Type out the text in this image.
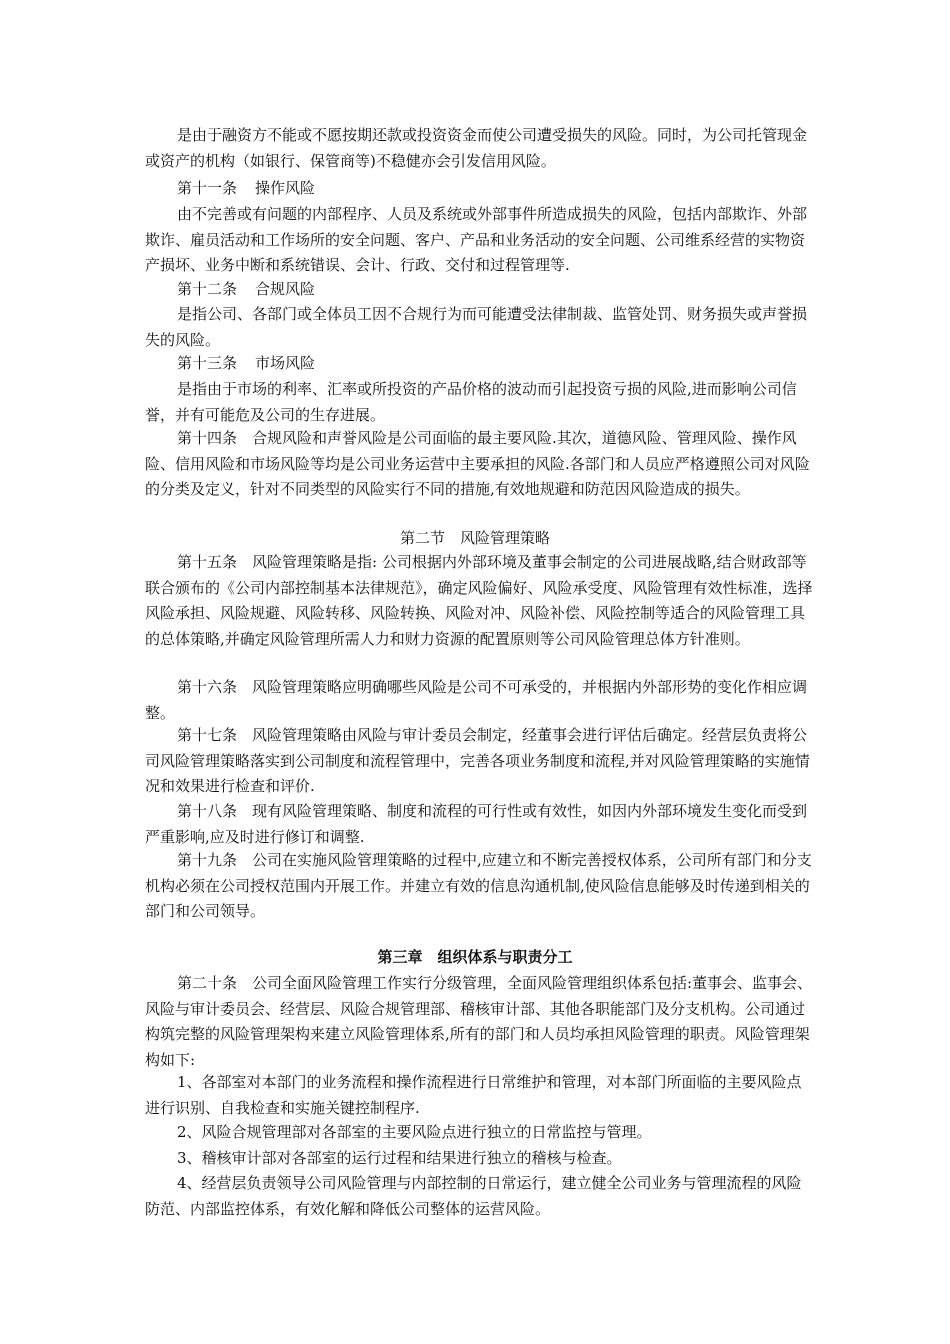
是由于融资方不能或不愿按期还款或投资资金而使公司遭受损失的风险。同时，为公司托管现金或资产的机构（如银行、保管商等)不稳健亦会引发信用风险。

第十一条 操作风险

由不完善或有问题的内部程序、人员及系统或外部事件所造成损失的风险，包括内部欺诈、外部欺诈、雇员活动和工作场所的安全问题、客户、产品和业务活动的安全问题、公司维系经营的实物资产损坏、业务中断和系统错误、会计、行政、交付和过程管理等.

第十二条 合规风险

是指公司、各部门或全体员工因不合规行为而可能遭受法律制裁、监管处罚、财务损失或声誉损失的风险。

第十三条 市场风险

是指由于市场的利率、汇率或所投资的产品价格的波动而引起投资亏损的风险,进而影响公司信誉，并有可能危及公司的生存进展。

第十四条　合规风险和声誉风险是公司面临的最主要风险.其次，道德风险、管理风险、操作风险、信用风险和市场风险等均是公司业务运营中主要承担的风险.各部门和人员应严格遵照公司对风险的分类及定义，针对不同类型的风险实行不同的措施,有效地规避和防范因风险造成的损失。

第二节　风险管理策略

第十五条　风险管理策略是指: 公司根据内外部环境及董事会制定的公司进展战略,结合财政部等联合颁布的《公司内部控制基本法律规范》，确定风险偏好、风险承受度、风险管理有效性标准，选择风险承担、风险规避、风险转移、风险转换、风险对冲、风险补偿、风险控制等适合的风险管理工具的总体策略,并确定风险管理所需人力和财力资源的配置原则等公司风险管理总体方针准则。

第十六条　风险管理策略应明确哪些风险是公司不可承受的，并根据内外部形势的变化作相应调整。

第十七条　风险管理策略由风险与审计委员会制定，经董事会进行评估后确定。经营层负责将公司风险管理策略落实到公司制度和流程管理中，完善各项业务制度和流程,并对风险管理策略的实施情况和效果进行检查和评价.

第十八条　现有风险管理策略、制度和流程的可行性或有效性，如因内外部环境发生变化而受到严重影响,应及时进行修订和调整.

第十九条　公司在实施风险管理策略的过程中,应建立和不断完善授权体系，公司所有部门和分支机构必须在公司授权范围内开展工作。并建立有效的信息沟通机制,使风险信息能够及时传递到相关的部门和公司领导。

第三章　组织体系与职责分工

第二十条　公司全面风险管理工作实行分级管理，全面风险管理组织体系包括:董事会、监事会、风险与审计委员会、经营层、风险合规管理部、稽核审计部、其他各职能部门及分支机构。公司通过构筑完整的风险管理架构来建立风险管理体系,所有的部门和人员均承担风险管理的职责。风险管理架构如下:

1、各部室对本部门的业务流程和操作流程进行日常维护和管理，对本部门所面临的主要风险点进行识别、自我检查和实施关键控制程序.

2、风险合规管理部对各部室的主要风险点进行独立的日常监控与管理。

3、稽核审计部对各部室的运行过程和结果进行独立的稽核与检查。

4、经营层负责领导公司风险管理与内部控制的日常运行，建立健全公司业务与管理流程的风险防范、内部监控体系，有效化解和降低公司整体的运营风险。
